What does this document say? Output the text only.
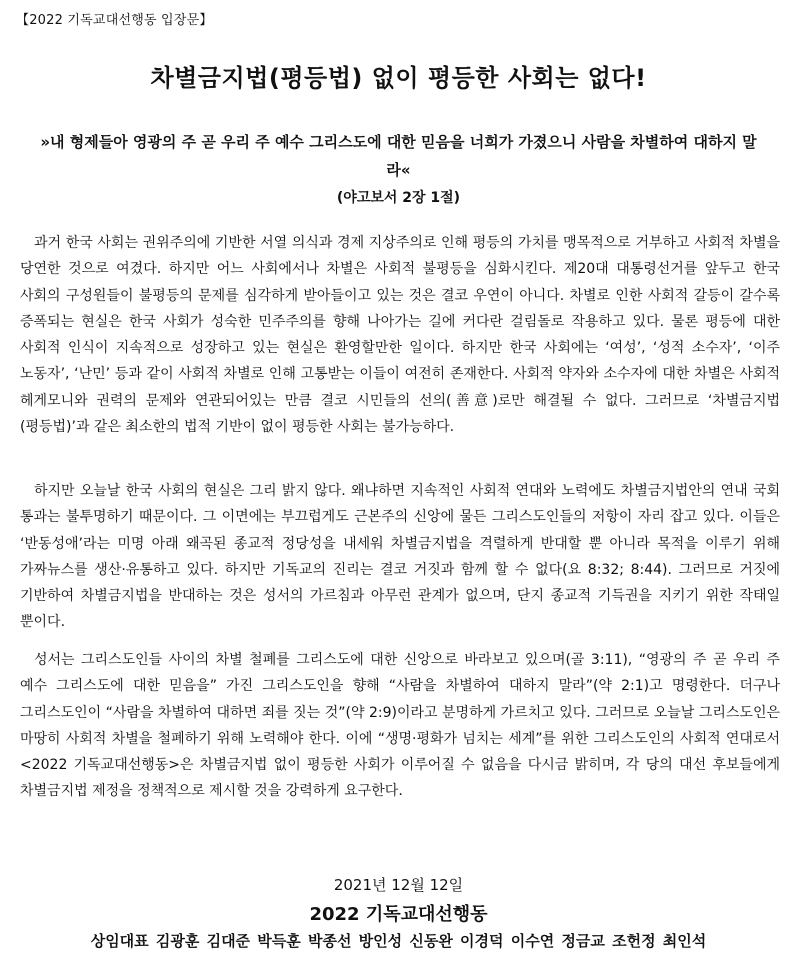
【2022 기독교대선행동 입장문】
차별금지법(평등법) 없이 평등한 사회는 없다!
»내 형제들아 영광의 주 곧 우리 주 예수 그리스도에 대한 믿음을 너희가 가졌으니 사람을 차별하여 대하지 말라«
(야고보서 2장 1절)

과거 한국 사회는 권위주의에 기반한 서열 의식과 경제 지상주의로 인해 평등의 가치를 맹목적으로 거부하고 사회적 차별을 당연한 것으로 여겼다. 하지만 어느 사회에서나 차별은 사회적 불평등을 심화시킨다. 제20대 대통령선거를 앞두고 한국 사회의 구성원들이 불평등의 문제를 심각하게 받아들이고 있는 것은 결코 우연이 아니다. 차별로 인한 사회적 갈등이 갈수록 증폭되는 현실은 한국 사회가 성숙한 민주주의를 향해 나아가는 길에 커다란 걸림돌로 작용하고 있다. 물론 평등에 대한 사회적 인식이 지속적으로 성장하고 있는 현실은 환영할만한 일이다. 하지만 한국 사회에는 ‘여성’, ‘성적 소수자’, ‘이주 노동자’, ‘난민’ 등과 같이 사회적 차별로 인해 고통받는 이들이 여전히 존재한다. 사회적 약자와 소수자에 대한 차별은 사회적 헤게모니와 권력의 문제와 연관되어있는 만큼 결코 시민들의 선의(善意)로만 해결될 수 없다. 그러므로 ‘차별금지법(평등법)’과 같은 최소한의 법적 기반이 없이 평등한 사회는 불가능하다.

하지만 오늘날 한국 사회의 현실은 그리 밝지 않다. 왜냐하면 지속적인 사회적 연대와 노력에도 차별금지법안의 연내 국회 통과는 불투명하기 때문이다. 그 이면에는 부끄럽게도 근본주의 신앙에 물든 그리스도인들의 저항이 자리 잡고 있다. 이들은 ‘반동성애’라는 미명 아래 왜곡된 종교적 정당성을 내세워 차별금지법을 격렬하게 반대할 뿐 아니라 목적을 이루기 위해 가짜뉴스를 생산·유통하고 있다. 하지만 기독교의 진리는 결코 거짓과 함께 할 수 없다(요 8:32; 8:44). 그러므로 거짓에 기반하여 차별금지법을 반대하는 것은 성서의 가르침과 아무런 관계가 없으며, 단지 종교적 기득권을 지키기 위한 작태일 뿐이다.

성서는 그리스도인들 사이의 차별 철폐를 그리스도에 대한 신앙으로 바라보고 있으며(골 3:11), “영광의 주 곧 우리 주 예수 그리스도에 대한 믿음을” 가진 그리스도인을 향해 “사람을 차별하여 대하지 말라”(약 2:1)고 명령한다. 더구나 그리스도인이 “사람을 차별하여 대하면 죄를 짓는 것”(약 2:9)이라고 분명하게 가르치고 있다. 그러므로 오늘날 그리스도인은 마땅히 사회적 차별을 철폐하기 위해 노력해야 한다. 이에 “생명·평화가 넘치는 세계”를 위한 그리스도인의 사회적 연대로서 <2022 기독교대선행동>은 차별금지법 없이 평등한 사회가 이루어질 수 없음을 다시금 밝히며, 각 당의 대선 후보들에게 차별금지법 제정을 정책적으로 제시할 것을 강력하게 요구한다.

2021년 12월 12일
2022 기독교대선행동
상임대표 김광훈 김대준 박득훈 박종선 방인성 신동완 이경덕 이수연 정금교 조헌정 최인석
